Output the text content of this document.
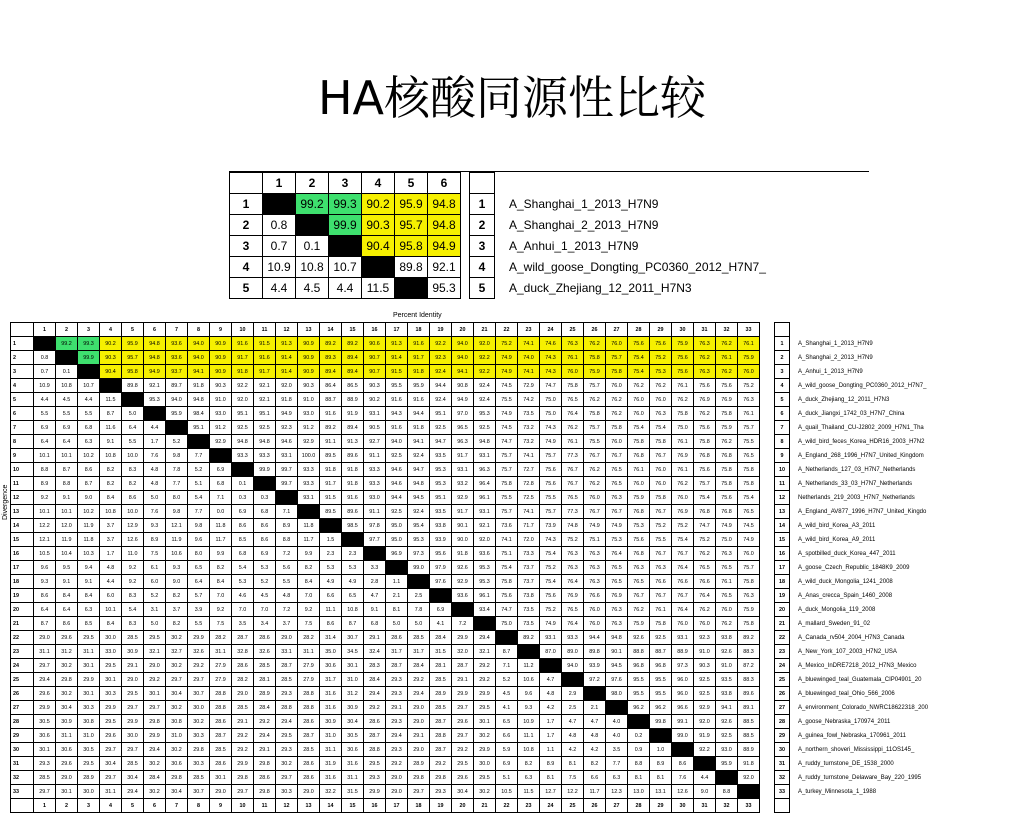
HA核酸同源性比较
	1	2	3	4	5	6			
1		99.2	99.3	90.2	95.9	94.8		1	A_Shanghai_1_2013_H7N9
2	0.8		99.9	90.3	95.7	94.8		2	A_Shanghai_2_2013_H7N9
3	0.7	0.1		90.4	95.8	94.9		3	A_Anhui_1_2013_H7N9
4	10.9	10.8	10.7		89.8	92.1		4	A_wild_goose_Dongting_PC0360_2012_H7N7_
5	4.4	4.5	4.4	11.5		95.3		5	A_duck_Zhejiang_12_2011_H7N3
Percent Identity
Divergence
	1	2	3	4	5	6	7	8	9	10	11	12	13	14	15	16	17	18	19	20	21	22	23	24	25	26	27	28	29	30	31	32	33			
1		99.2	99.3	90.2	95.9	94.8	93.6	94.0	90.9	91.6	91.5	91.3	90.9	89.2	89.2	90.6	91.3	91.6	92.2	94.0	92.0	75.2	74.1	74.6	76.3	76.2	76.0	75.6	75.6	75.9	76.3	76.2	76.1		1	A_Shanghai_1_2013_H7N9
2	0.8		99.9	90.3	95.7	94.8	93.6	94.0	90.9	91.7	91.6	91.4	90.9	89.3	89.4	90.7	91.4	91.7	92.3	94.0	92.2	74.9	74.0	74.3	76.1	75.8	75.7	75.4	75.2	75.6	76.2	76.1	75.9		2	A_Shanghai_2_2013_H7N9
3	0.7	0.1		90.4	95.8	94.9	93.7	94.1	90.9	91.8	91.7	91.4	90.9	89.4	89.4	90.7	91.5	91.8	92.4	94.1	92.2	74.9	74.1	74.3	76.0	75.9	75.8	75.4	75.3	75.6	76.3	76.2	76.0		3	A_Anhui_1_2013_H7N9
4	10.9	10.8	10.7		89.8	92.1	89.7	91.8	90.3	92.2	92.1	92.0	90.3	86.4	86.5	90.3	95.5	95.9	94.4	90.8	92.4	74.5	72.9	74.7	75.8	75.7	76.0	76.2	76.2	76.1	75.6	75.6	75.2		4	A_wild_goose_Dongting_PC0360_2012_H7N7_
5	4.4	4.5	4.4	11.5		95.3	94.0	94.8	91.0	92.0	92.1	91.8	91.0	88.7	88.9	90.2	91.6	91.6	92.4	94.9	92.4	75.5	74.2	75.0	76.5	76.2	76.2	76.0	76.0	76.2	76.9	76.9	76.3		5	A_duck_Zhejiang_12_2011_H7N3
6	5.5	5.5	5.5	8.7	5.0		95.9	98.4	93.0	95.1	95.1	94.9	93.0	91.6	91.9	93.1	94.3	94.4	95.1	97.0	95.3	74.9	73.5	75.0	76.4	75.8	76.2	76.0	76.3	75.8	76.2	75.8	76.1		6	A_duck_Jiangxi_1742_03_H7N7_China
7	6.9	6.9	6.8	11.6	6.4	4.4		95.1	91.2	92.5	92.5	92.3	91.2	89.2	89.4	90.5	91.6	91.8	92.5	96.5	92.5	74.5	73.2	74.3	76.2	75.7	75.8	75.4	75.4	75.0	75.6	75.9	75.7		7	A_quail_Thailand_CU-J2802_2009_H7N1_Tha
8	6.4	6.4	6.3	9.1	5.5	1.7	5.2		92.9	94.8	94.8	94.6	92.9	91.1	91.3	92.7	94.0	94.1	94.7	96.3	94.8	74.7	73.2	74.9	76.1	75.5	76.0	75.8	75.8	76.1	75.8	76.2	75.5		8	A_wild_bird_feces_Korea_HDR16_2003_H7N2
9	10.1	10.1	10.2	10.8	10.0	7.6	9.8	7.7		93.3	93.3	93.1	100.0	89.5	89.6	91.1	92.5	92.4	93.5	91.7	93.1	75.7	74.1	75.7	77.3	76.7	76.7	76.8	76.7	76.9	76.8	76.8	76.5		9	A_England_268_1996_H7N7_United_Kingdom
10	8.8	8.7	8.6	8.2	8.3	4.8	7.8	5.2	6.9		99.9	99.7	93.3	91.8	91.8	93.3	94.6	94.7	95.3	93.1	96.3	75.7	72.7	75.6	76.7	76.2	76.5	76.1	76.0	76.1	75.6	75.8	75.8		10	A_Netherlands_127_03_H7N7_Netherlands
11	8.9	8.8	8.7	8.2	8.2	4.8	7.7	5.1	6.8	0.1		99.7	93.3	91.7	91.8	93.3	94.6	94.8	95.3	93.2	96.4	75.8	72.8	75.6	76.7	76.2	76.5	76.0	76.0	76.2	75.7	75.8	75.8		11	A_Netherlands_33_03_H7N7_Netherlands
12	9.2	9.1	9.0	8.4	8.6	5.0	8.0	5.4	7.1	0.3	0.3		93.1	91.5	91.6	93.0	94.4	94.5	95.1	92.9	96.1	75.5	72.5	75.5	76.5	76.0	76.3	75.9	75.8	76.0	75.4	75.6	75.4		12	Netherlands_219_2003_H7N7_Netherlands
13	10.1	10.1	10.2	10.8	10.0	7.6	9.8	7.7	0.0	6.9	6.8	7.1		89.5	89.6	91.1	92.5	92.4	93.5	91.7	93.1	75.7	74.1	75.7	77.3	76.7	76.7	76.8	76.7	76.9	76.8	76.8	76.5		13	A_England_AV877_1996_H7N7_United_Kingdo
14	12.2	12.0	11.9	3.7	12.9	9.3	12.1	9.8	11.8	8.6	8.6	8.9	11.8		98.5	97.8	95.0	95.4	93.8	90.1	92.1	73.6	71.7	73.9	74.8	74.9	74.9	75.3	75.2	75.2	74.7	74.9	74.5		14	A_wild_bird_Korea_A3_2011
15	12.1	11.9	11.8	3.7	12.6	8.9	11.9	9.6	11.7	8.5	8.6	8.8	11.7	1.5		97.7	95.0	95.3	93.9	90.0	92.0	74.1	72.0	74.3	75.2	75.1	75.3	75.6	75.5	75.4	75.2	75.0	74.9		15	A_wild_bird_Korea_A9_2011
16	10.5	10.4	10.3	1.7	11.0	7.5	10.6	8.0	9.9	6.8	6.9	7.2	9.9	2.3	2.3		96.9	97.3	95.6	91.8	93.6	75.1	73.3	75.4	76.3	76.3	76.4	76.8	76.7	76.7	76.2	76.3	76.0		16	A_spotbilled_duck_Korea_447_2011
17	9.6	9.5	9.4	4.8	9.2	6.1	9.3	6.5	8.2	5.4	5.3	5.6	8.2	5.3	5.3	3.3		99.0	97.9	92.6	95.3	75.4	73.7	75.2	76.3	76.3	76.5	76.3	76.3	76.4	76.5	76.5	75.7		17	A_goose_Czech_Republic_1848K9_2009
18	9.3	9.1	9.1	4.4	9.2	6.0	9.0	6.4	8.4	5.3	5.2	5.5	8.4	4.9	4.9	2.8	1.1		97.6	92.9	95.3	75.8	73.7	75.4	76.4	76.3	76.5	76.5	76.6	76.6	76.6	76.1	75.8		18	A_wild_duck_Mongolia_1241_2008
19	8.6	8.4	8.4	6.0	8.3	5.2	8.2	5.7	7.0	4.6	4.5	4.8	7.0	6.6	6.5	4.7	2.1	2.5		93.6	96.1	75.6	73.8	75.6	76.9	76.6	76.9	76.7	76.7	76.7	76.4	76.5	76.3		19	A_Anas_crecca_Spain_1460_2008
20	6.4	6.4	6.3	10.1	5.4	3.1	3.7	3.9	9.2	7.0	7.0	7.2	9.2	11.1	10.8	9.1	8.1	7.8	6.9		93.4	74.7	73.5	75.2	76.5	76.0	76.3	76.2	76.1	76.4	76.2	76.0	75.9		20	A_duck_Mongolia_119_2008
21	8.7	8.6	8.5	8.4	8.3	5.0	8.2	5.5	7.5	3.5	3.4	3.7	7.5	8.6	8.7	6.8	5.0	5.0	4.1	7.2		75.0	73.5	74.9	76.4	76.0	76.3	75.9	75.8	76.0	76.0	76.2	75.8		21	A_mallard_Sweden_91_02
22	29.0	29.6	29.5	30.0	28.5	29.5	30.2	29.9	28.2	28.7	28.6	29.0	28.2	31.4	30.7	29.1	28.6	28.5	28.4	29.9	29.4		89.2	93.1	93.3	94.4	94.8	92.6	92.5	93.1	92.3	93.8	89.2		22	A_Canada_rv504_2004_H7N3_Canada
23	31.1	31.2	31.1	33.0	30.9	32.1	32.7	32.6	31.1	32.8	32.6	33.1	31.1	35.0	34.5	32.4	31.7	31.7	31.5	32.0	32.1	8.7		87.0	89.0	89.8	90.1	88.8	88.7	88.9	91.0	92.6	88.3		23	A_New_York_107_2003_H7N2_USA
24	29.7	30.2	30.1	29.5	29.1	29.0	30.2	29.2	27.9	28.6	28.5	28.7	27.9	30.6	30.1	28.3	28.7	28.4	28.1	28.7	29.2	7.1	11.2		94.0	93.9	94.5	96.8	96.8	97.3	90.3	91.0	87.2		24	A_Mexico_InDRE7218_2012_H7N3_Mexico
25	29.4	29.8	29.9	30.1	29.0	29.2	29.7	29.7	27.9	28.2	28.1	28.5	27.9	31.7	31.0	28.4	29.3	29.2	28.5	29.1	29.2	5.2	10.6	4.7		97.2	97.6	95.5	95.5	96.0	92.5	93.5	88.3		25	A_bluewinged_teal_Guatemala_CIP04901_20
26	29.6	30.2	30.1	30.3	29.5	30.1	30.4	30.7	28.8	29.0	28.9	29.3	28.8	31.6	31.2	29.4	29.3	29.4	28.9	29.9	29.9	4.5	9.6	4.8	2.9		98.0	95.5	95.5	96.0	92.5	93.8	89.6		26	A_bluewinged_teal_Ohio_566_2006
27	29.9	30.4	30.3	29.9	29.7	29.7	30.2	30.0	28.8	28.5	28.4	28.8	28.8	31.6	30.9	29.2	29.1	29.0	28.5	29.7	29.5	4.1	9.3	4.2	2.5	2.1		96.2	96.2	96.6	92.9	94.1	89.1		27	A_environment_Colorado_NWRC18622318_200
28	30.5	30.9	30.8	29.5	29.9	29.8	30.8	30.2	28.6	29.1	29.2	29.4	28.6	30.9	30.4	28.6	29.3	29.0	28.7	29.6	30.1	6.5	10.9	1.7	4.7	4.7	4.0		99.8	99.1	92.0	92.6	88.5		28	A_goose_Nebraska_170974_2011
29	30.6	31.1	31.0	29.6	30.0	29.9	31.0	30.3	28.7	29.2	29.4	29.5	28.7	31.0	30.5	28.7	29.4	29.1	28.8	29.7	30.2	6.6	11.1	1.7	4.8	4.8	4.0	0.2		99.0	91.9	92.5	88.5		29	A_guinea_fowl_Nebraska_170961_2011
30	30.1	30.6	30.5	29.7	29.7	29.4	30.2	29.8	28.5	29.2	29.1	29.3	28.5	31.1	30.6	28.8	29.3	29.0	28.7	29.2	29.9	5.9	10.8	1.1	4.2	4.2	3.5	0.9	1.0		92.2	93.0	88.9		30	A_northern_shoveri_Mississippi_11OS145_
31	29.3	29.6	29.5	30.4	28.5	30.2	30.6	30.3	28.6	29.9	29.8	30.2	28.6	31.9	31.6	29.5	29.2	28.9	29.2	29.5	30.0	6.9	8.2	8.9	8.1	8.2	7.7	8.8	8.9	8.6		95.9	91.8		31	A_ruddy_turnstone_DE_1538_2000
32	28.5	29.0	28.9	29.7	30.4	28.4	29.8	28.5	30.1	29.8	28.6	29.7	28.6	31.6	31.1	29.3	29.0	29.8	29.8	29.6	29.5	5.1	6.3	8.1	7.5	6.6	6.3	8.1	8.1	7.6	4.4		92.0		32	A_ruddy_turnstone_Delaware_Bay_220_1995
33	29.7	30.1	30.0	31.1	29.4	30.2	30.4	30.7	29.0	29.7	29.8	30.3	29.0	32.2	31.5	29.9	29.0	29.7	29.3	30.4	30.2	10.5	11.5	12.7	12.2	11.7	12.3	13.0	13.1	12.6	9.0	8.8			33	A_turkey_Minnesota_1_1988
	1	2	3	4	5	6	7	8	9	10	11	12	13	14	15	16	17	18	19	20	21	22	23	24	25	26	27	28	29	30	31	32	33			
